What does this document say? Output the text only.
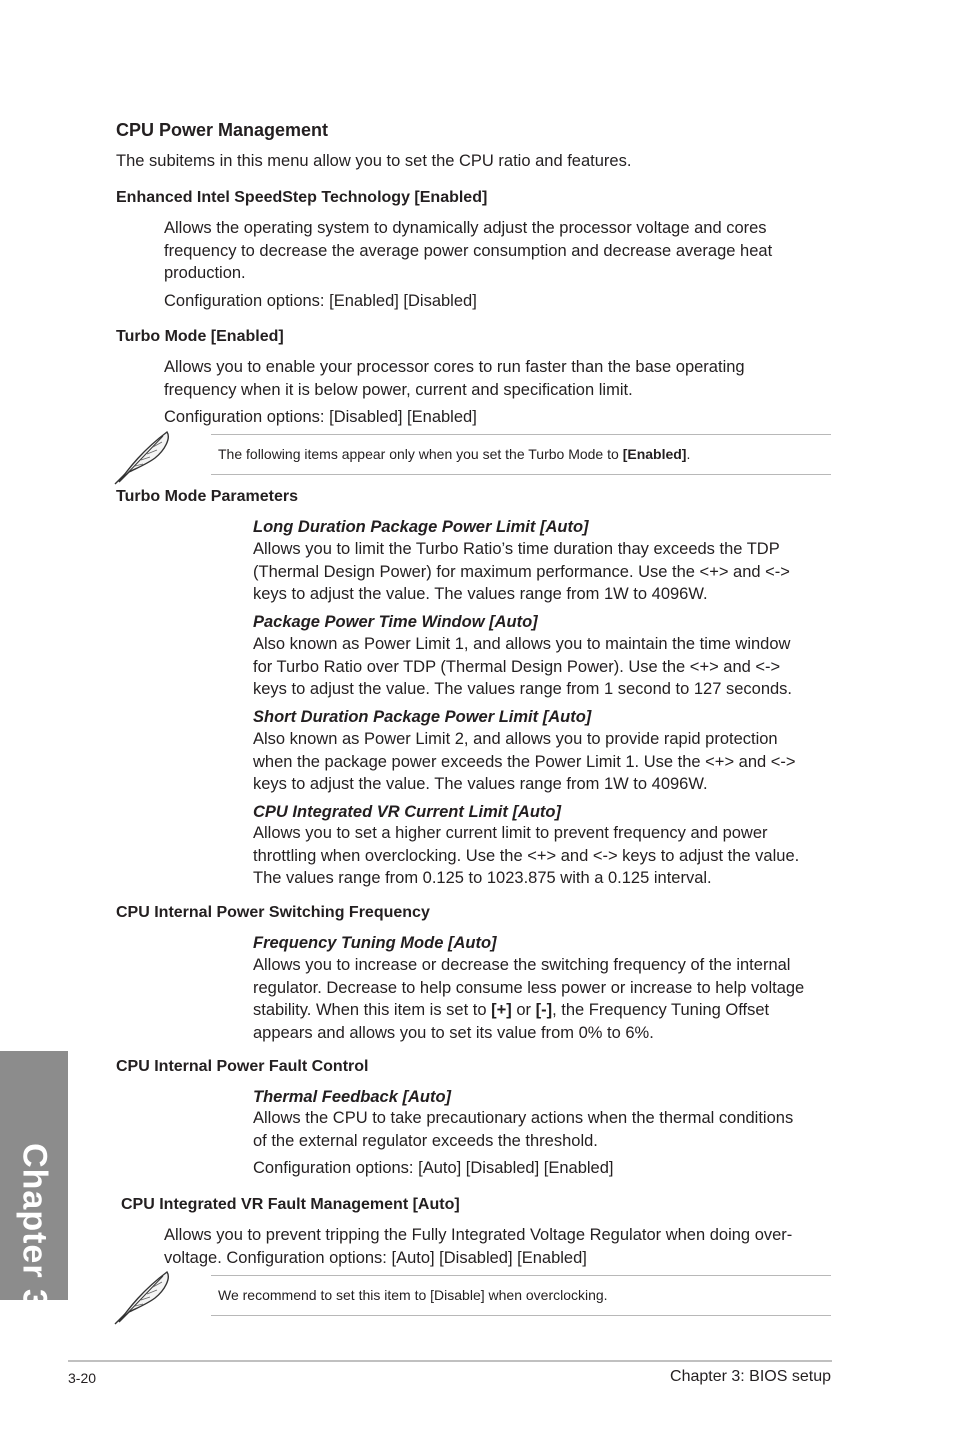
CPU Power Management
The subitems in this menu allow you to set the CPU ratio and features.
Enhanced Intel SpeedStep Technology [Enabled]
Allows the operating system to dynamically adjust the processor voltage and cores
frequency to decrease the average power consumption and decrease average heat
production.
Configuration options: [Enabled] [Disabled]
Turbo Mode [Enabled]
Allows you to enable your processor cores to run faster than the base operating
frequency when it is below power, current and specification limit.
Configuration options: [Disabled] [Enabled]
The following items appear only when you set the Turbo Mode to [Enabled].
Turbo Mode Parameters
Long Duration Package Power Limit [Auto]
Allows you to limit the Turbo Ratio’s time duration thay exceeds the TDP
(Thermal Design Power) for maximum performance. Use the <+> and <->
keys to adjust the value. The values range from 1W to 4096W.
Package Power Time Window [Auto]
Also known as Power Limit 1, and allows you to maintain the time window
for Turbo Ratio over TDP (Thermal Design Power). Use the <+> and <->
keys to adjust the value. The values range from 1 second to 127 seconds.
Short Duration Package Power Limit [Auto]
Also known as Power Limit 2, and allows you to provide rapid protection
when the package power exceeds the Power Limit 1. Use the <+> and <->
keys to adjust the value. The values range from 1W to 4096W.
CPU Integrated VR Current Limit [Auto]
Allows you to set a higher current limit to prevent frequency and power
throttling when overclocking. Use the <+> and <-> keys to adjust the value.
The values range from 0.125 to 1023.875 with a 0.125 interval.
CPU Internal Power Switching Frequency
Frequency Tuning Mode [Auto]
Allows you to increase or decrease the switching frequency of the internal
regulator. Decrease to help consume less power or increase to help voltage
stability. When this item is set to [+] or [-], the Frequency Tuning Offset
appears and allows you to set its value from 0% to 6%.
CPU Internal Power Fault Control
Thermal Feedback [Auto]
Allows the CPU to take precautionary actions when the thermal conditions
of the external regulator exceeds the threshold.
Configuration options: [Auto] [Disabled] [Enabled]
CPU Integrated VR Fault Management [Auto]
Allows you to prevent tripping the Fully Integrated Voltage Regulator when doing over-
voltage. Configuration options: [Auto] [Disabled] [Enabled]
We recommend to set this item to [Disable] when overclocking.
Chapter 3
3-20	Chapter 3: BIOS setup
